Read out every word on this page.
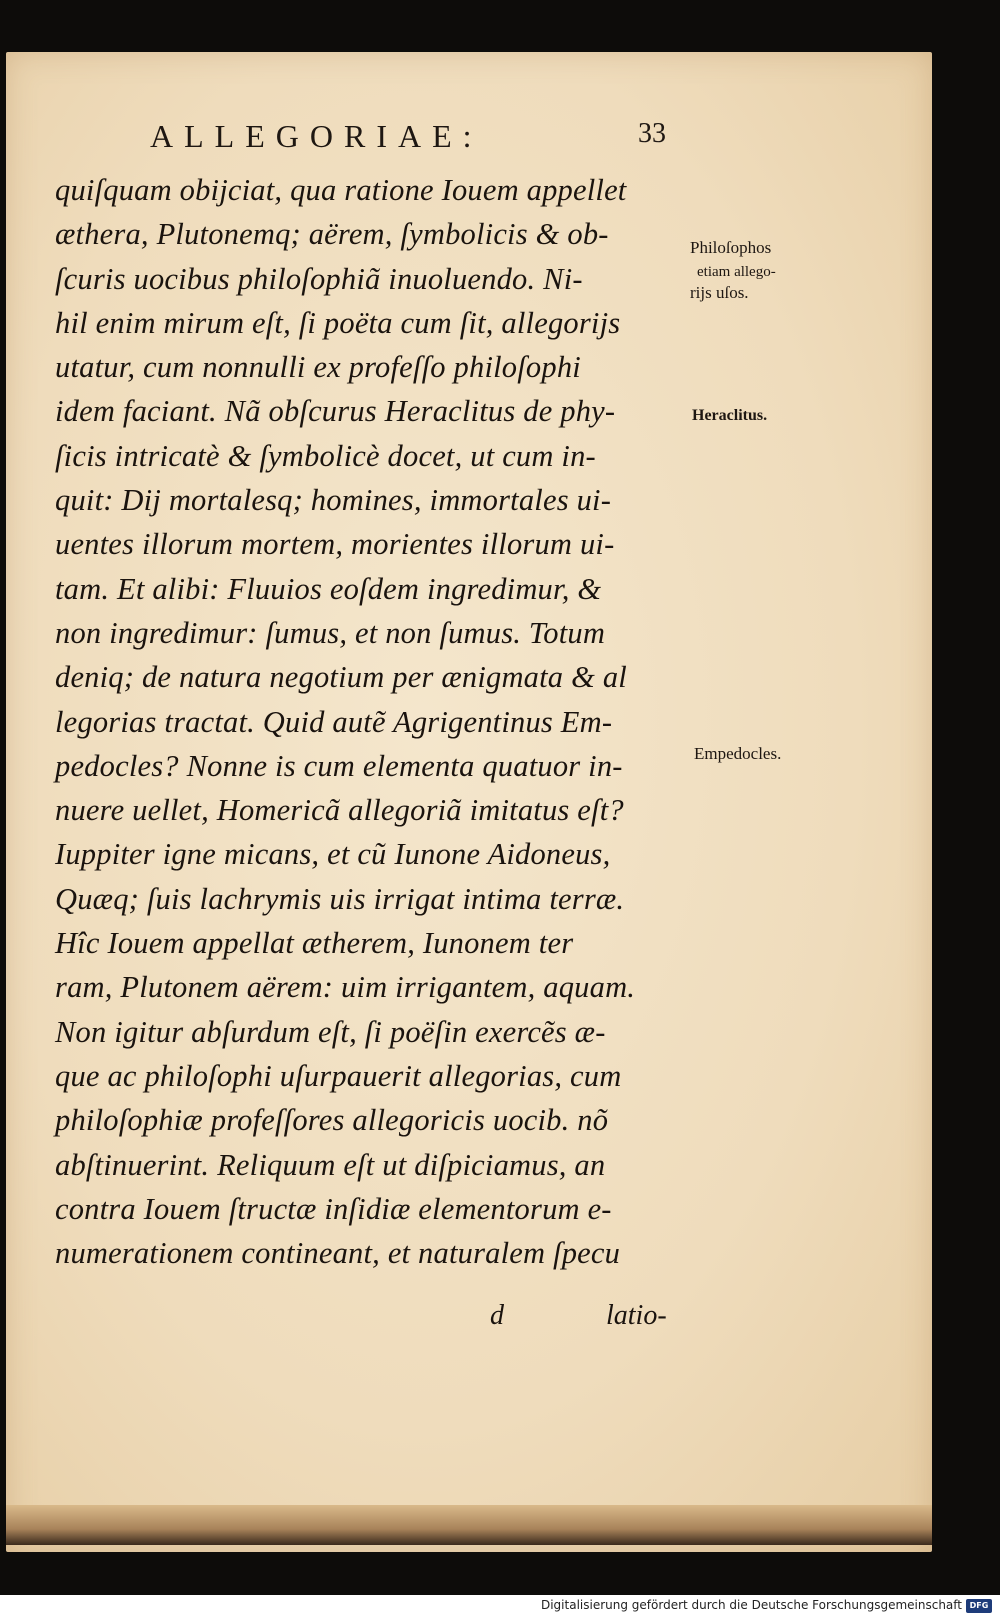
ALLEGORIAE:	33
quiſquam obijciat, qua ratione Iouem appellet
æthera, Plutonemq; aërem, ſymbolicis & ob-
ſcuris uocibus philoſophiã inuoluendo. Ni-
hil enim mirum eſt, ſi poëta cum ſit, allegorijs
utatur, cum nonnulli ex profeſſo philoſophi
idem faciant. Nã obſcurus Heraclitus de phy-
ſicis intricatè & ſymbolicè docet, ut cum in-
quit: Dij mortalesq; homines, immortales ui-
uentes illorum mortem, morientes illorum ui-
tam. Et alibi: Fluuios eoſdem ingredimur, &
non ingredimur: ſumus, et non ſumus. Totum
deniq; de natura negotium per ænigmata & al
legorias tractat. Quid autẽ Agrigentinus Em-
pedocles? Nonne is cum elementa quatuor in-
nuere uellet, Homericã allegoriã imitatus eſt?
Iuppiter igne micans, et cũ Iunone Aidoneus,
Quæq; ſuis lachrymis uis irrigat intima terræ.
Hîc Iouem appellat ætherem, Iunonem ter
ram, Plutonem aërem: uim irrigantem, aquam.
Non igitur abſurdum eſt, ſi poëſin exercẽs æ-
que ac philoſophi uſurpauerit allegorias, cum
philoſophiæ profeſſores allegoricis uocib. nõ
abſtinuerint. Reliquum eſt ut diſpiciamus, an
contra Iouem ſtructæ inſidiæ elementorum e-
numerationem contineant, et naturalem ſpecu
d	latio-
Philoſophos
etiam allego-
rijs uſos.
Heraclitus.
Empedocles.
Digitalisierung gefördert durch die Deutsche Forschungsgemeinschaft DFG
